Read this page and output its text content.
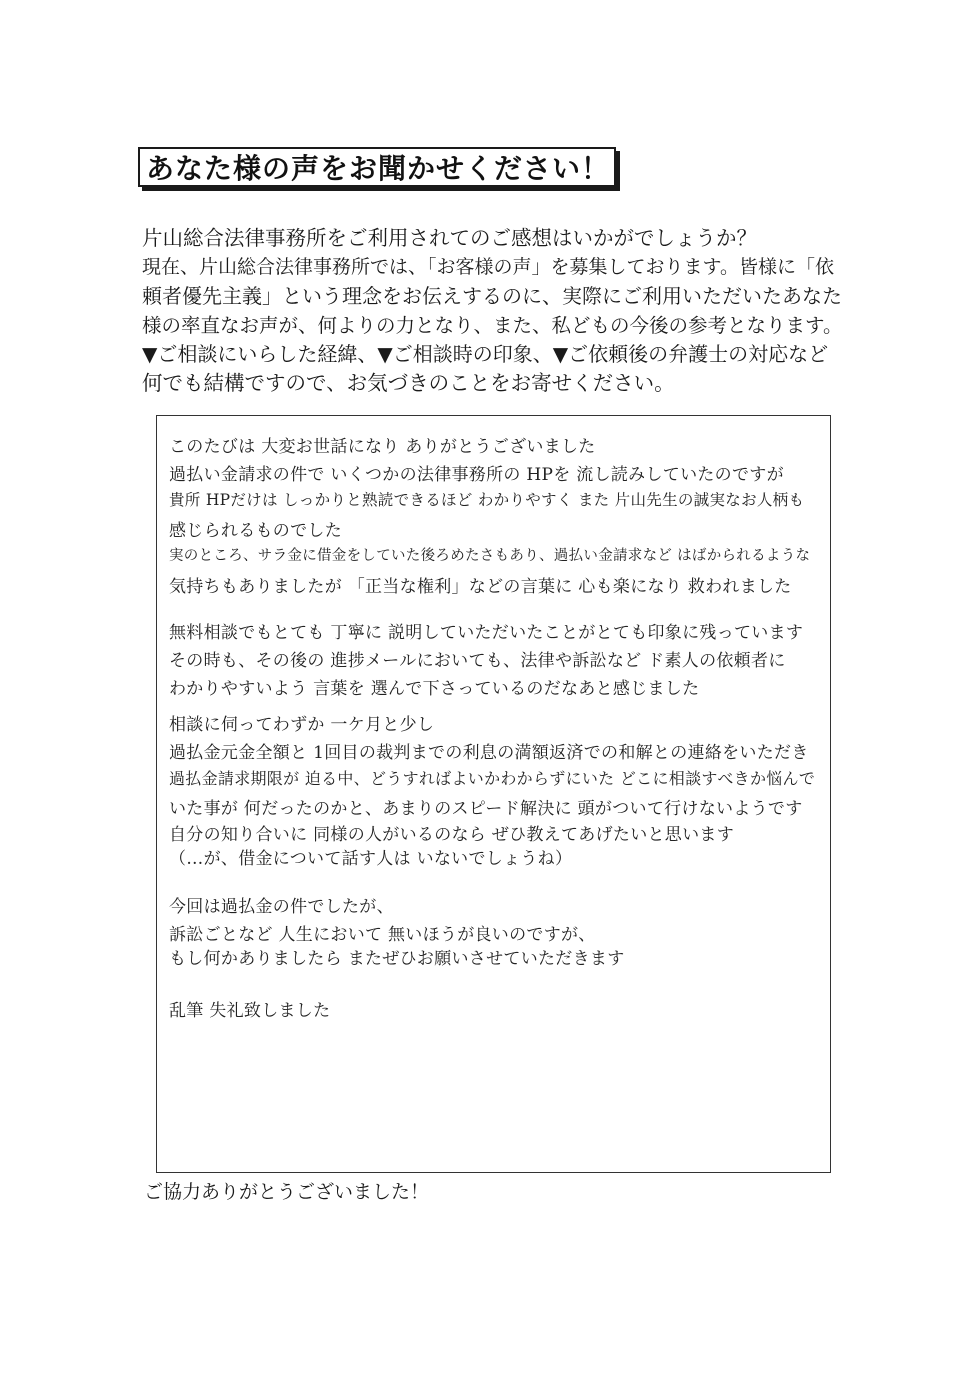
あなた様の声をお聞かせください！
片山総合法律事務所をご利用されてのご感想はいかがでしょうか？
現在、片山総合法律事務所では、「お客様の声」を募集しております。皆様に「依
頼者優先主義」という理念をお伝えするのに、実際にご利用いただいたあなた
様の率直なお声が、何よりの力となり、また、私どもの今後の参考となります。
▼ご相談にいらした経緯、▼ご相談時の印象、▼ご依頼後の弁護士の対応など
何でも結構ですので、お気づきのことをお寄せください。
このたびは 大変お世話になり ありがとうございました
過払い金請求の件で いくつかの法律事務所の HPを 流し読みしていたのですが
貴所 HPだけは しっかりと熟読できるほど わかりやすく また 片山先生の誠実なお人柄も
感じられるものでした
実のところ、サラ金に借金をしていた後ろめたさもあり、過払い金請求など はばかられるような
気持ちもありましたが 「正当な権利」などの言葉に 心も楽になり 救われました
無料相談でもとても 丁寧に 説明していただいたことがとても印象に残っています
その時も、その後の 進捗メールにおいても、法律や訴訟など ド素人の依頼者に
わかりやすいよう 言葉を 選んで下さっているのだなあと感じました
相談に伺ってわずか 一ケ月と少し
過払金元金全額と 1回目の裁判までの利息の満額返済での和解との連絡をいただき
過払金請求期限が 迫る中、どうすればよいかわからずにいた どこに相談すべきか悩んで
いた事が 何だったのかと、あまりのスピード解決に 頭がついて行けないようです
自分の知り合いに 同様の人がいるのなら ぜひ教えてあげたいと思います
（…が、借金について話す人は いないでしょうね）
今回は過払金の件でしたが、
訴訟ごとなど 人生において 無いほうが良いのですが、
もし何かありましたら またぜひお願いさせていただきます
乱筆 失礼致しました
ご協力ありがとうございました！
